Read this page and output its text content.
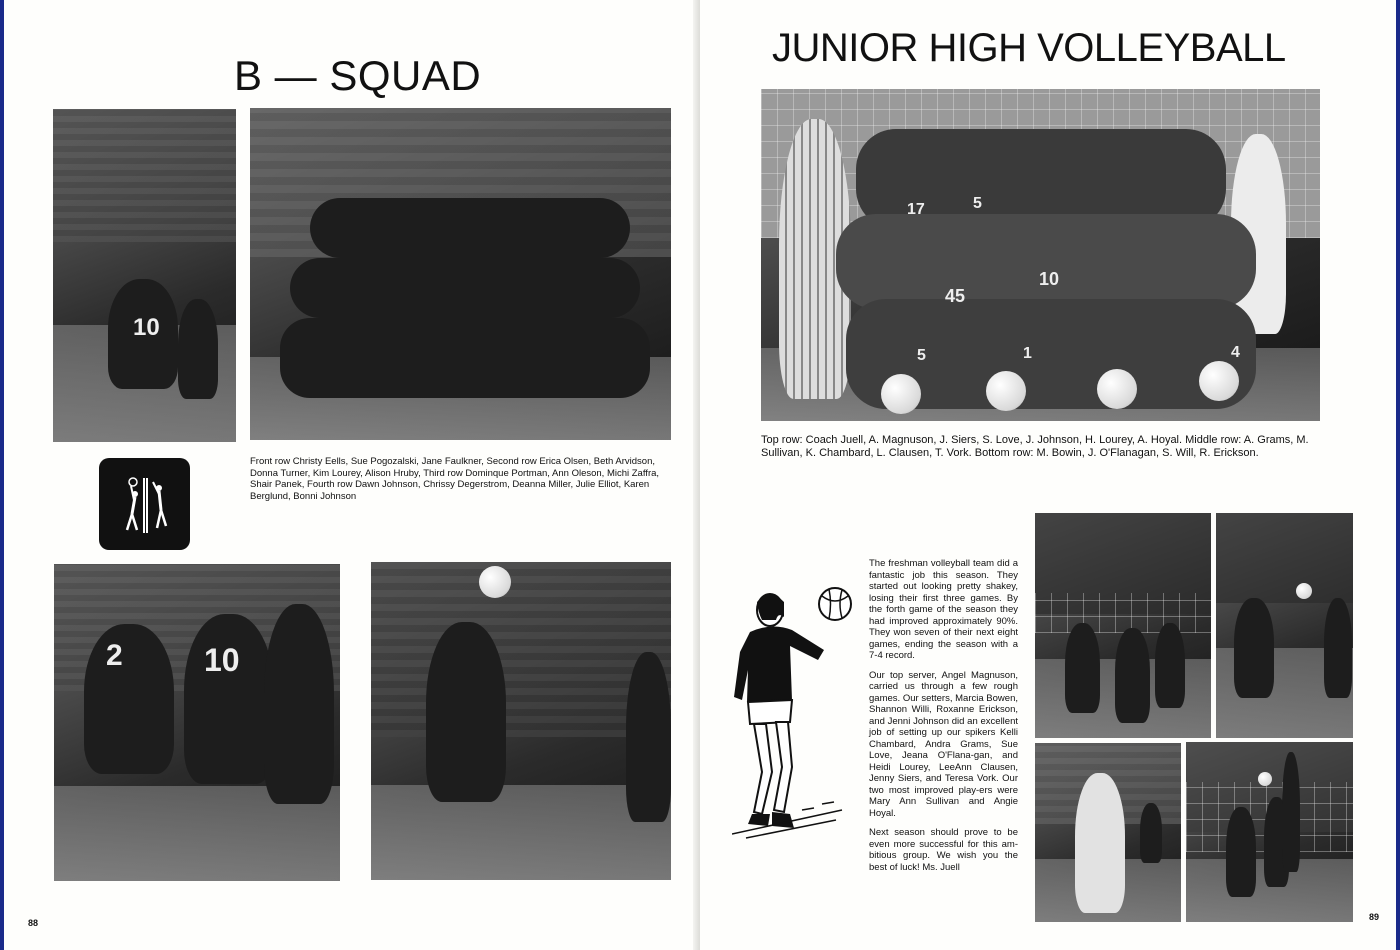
B — SQUAD
10
Front row Christy Eells, Sue Pogozalski, Jane Faulkner, Second row Erica Olsen, Beth Arvidson, Donna Turner, Kim Lourey, Alison Hruby, Third row Dominque Portman, Ann Oleson, Michi Zaffra, Shair Panek, Fourth row Dawn Johnson, Chrissy Degerstrom, Deanna Miller, Julie Elliot, Karen Berglund, Bonni Johnson
2	10
88
JUNIOR HIGH VOLLEYBALL
17	5
45
10
5	1	4
Top row: Coach Juell, A. Magnuson, J. Siers, S. Love, J. Johnson, H. Lourey, A. Hoyal. Middle row: A. Grams, M. Sullivan, K. Chambard, L. Clausen, T. Vork. Bottom row: M. Bowin, J. O'Flanagan, S. Will, R. Erickson.

The freshman volleyball team did a fantastic job this season. They started out looking pretty shakey, losing their first three games. By the forth game of the season they had improved approximately 90%. They won seven of their next eight games, ending the season with a 7-4 record.

Our top server, Angel Magnuson, carried us through a few rough games. Our setters, Marcia Bowen, Shannon Willi, Roxanne Erickson, and Jenni Johnson did an excellent job of setting up our spikers Kelli Chambard, Andra Grams, Sue Love, Jeana O'Flana-gan, and Heidi Lourey, LeeAnn Clausen, Jenny Siers, and Teresa Vork. Our two most improved play-ers were Mary Ann Sullivan and Angie Hoyal.

Next season should prove to be even more successful for this am-bitious group. We wish you the best of luck! Ms. Juell

89
